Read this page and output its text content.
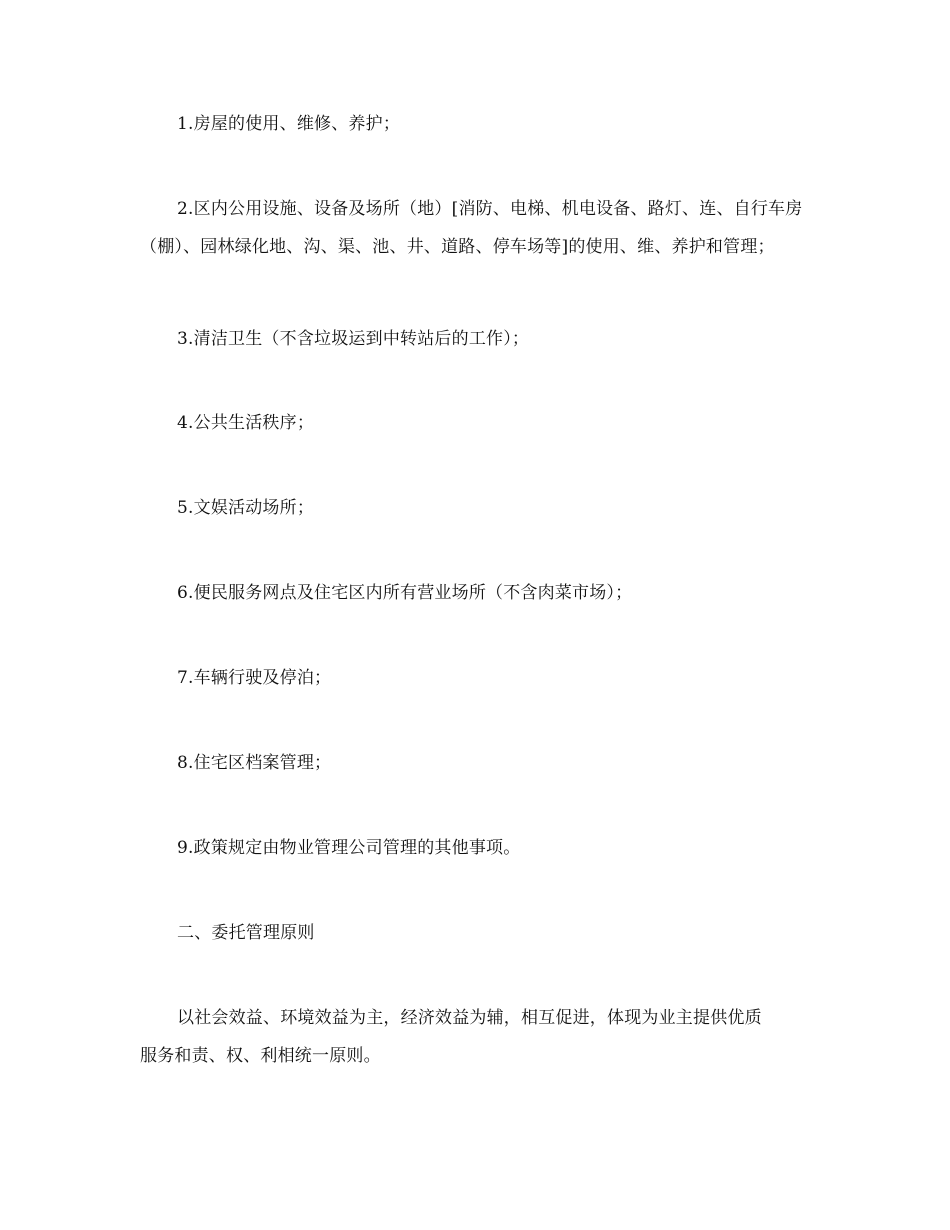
1.房屋的使用、维修、养护；

2.区内公用设施、设备及场所（地）[消防、电梯、机电设备、路灯、连、自行车房
（棚）、园林绿化地、沟、渠、池、井、道路、停车场等]的使用、维、养护和管理；

3.清洁卫生（不含垃圾运到中转站后的工作）；

4.公共生活秩序；

5.文娱活动场所；

6.便民服务网点及住宅区内所有营业场所（不含肉菜市场）；

7.车辆行驶及停泊；

8.住宅区档案管理；

9.政策规定由物业管理公司管理的其他事项。

二、委托管理原则

以社会效益、环境效益为主，经济效益为辅，相互促进，体现为业主提供优质
服务和责、权、利相统一原则。
